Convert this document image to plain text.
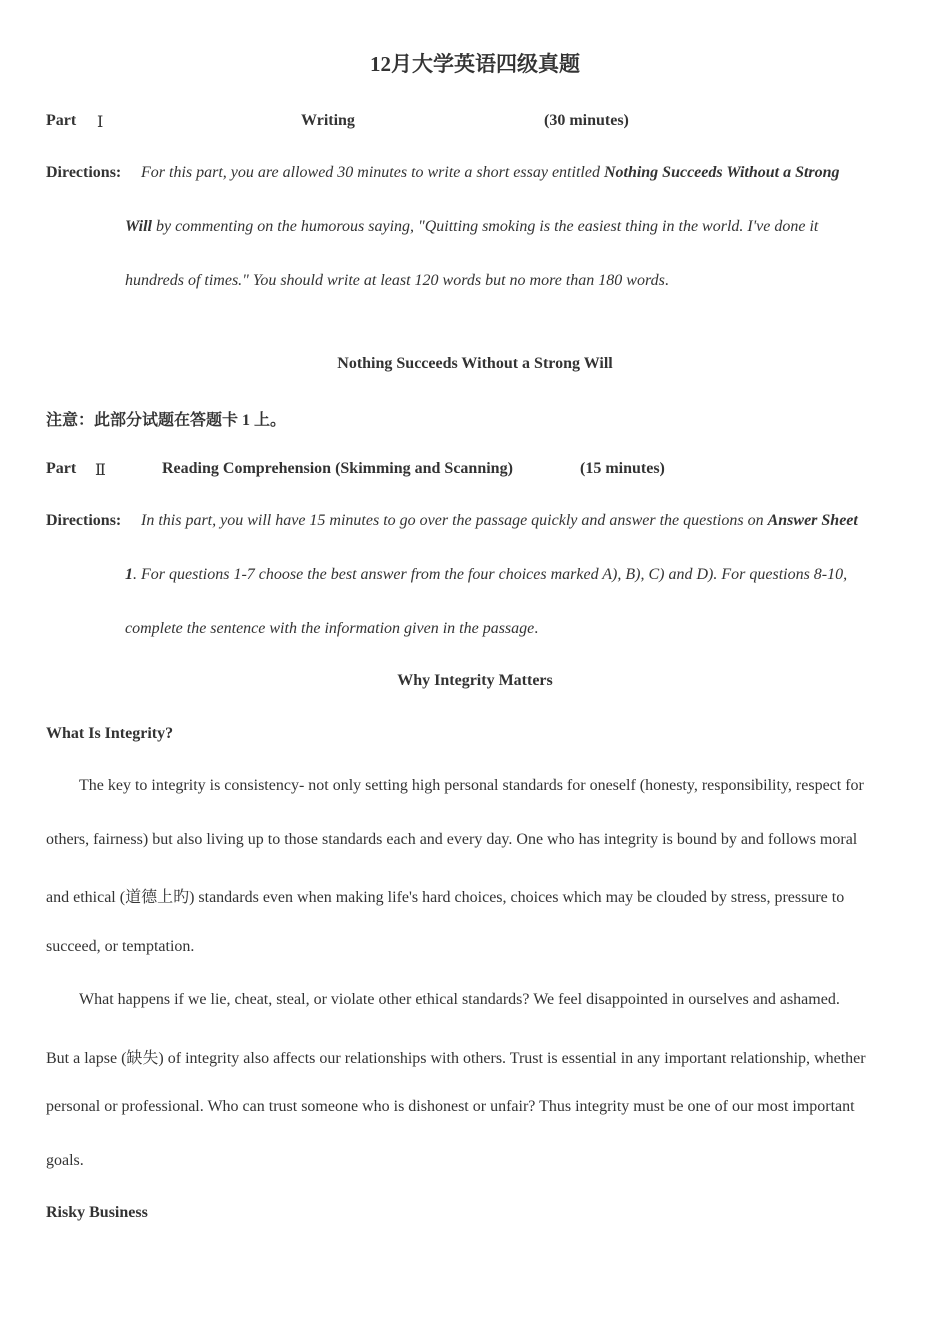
12月大学英语四级真题
Part Ⅰ	Writing	(30 minutes)
Directions: For this part, you are allowed 30 minutes to write a short essay entitled Nothing Succeeds Without a Strong
Will by commenting on the humorous saying, "Quitting smoking is the easiest thing in the world. I've done it
hundreds of times." You should write at least 120 words but no more than 180 words.
Nothing Succeeds Without a Strong Will
注意：此部分试题在答题卡 1 上。
Part Ⅱ	Reading Comprehension (Skimming and Scanning)	(15 minutes)
Directions: In this part, you will have 15 minutes to go over the passage quickly and answer the questions on Answer Sheet
1. For questions 1-7 choose the best answer from the four choices marked A), B), C) and D). For questions 8-10,
complete the sentence with the information given in the passage.
Why Integrity Matters
What Is Integrity?
The key to integrity is consistency- not only setting high personal standards for oneself (honesty, responsibility, respect for
others, fairness) but also living up to those standards each and every day. One who has integrity is bound by and follows moral
and ethical (道德上旳) standards even when making life's hard choices, choices which may be clouded by stress, pressure to
succeed, or temptation.
What happens if we lie, cheat, steal, or violate other ethical standards? We feel disappointed in ourselves and ashamed.
But a lapse (缺失) of integrity also affects our relationships with others. Trust is essential in any important relationship, whether
personal or professional. Who can trust someone who is dishonest or unfair? Thus integrity must be one of our most important
goals.
Risky Business
